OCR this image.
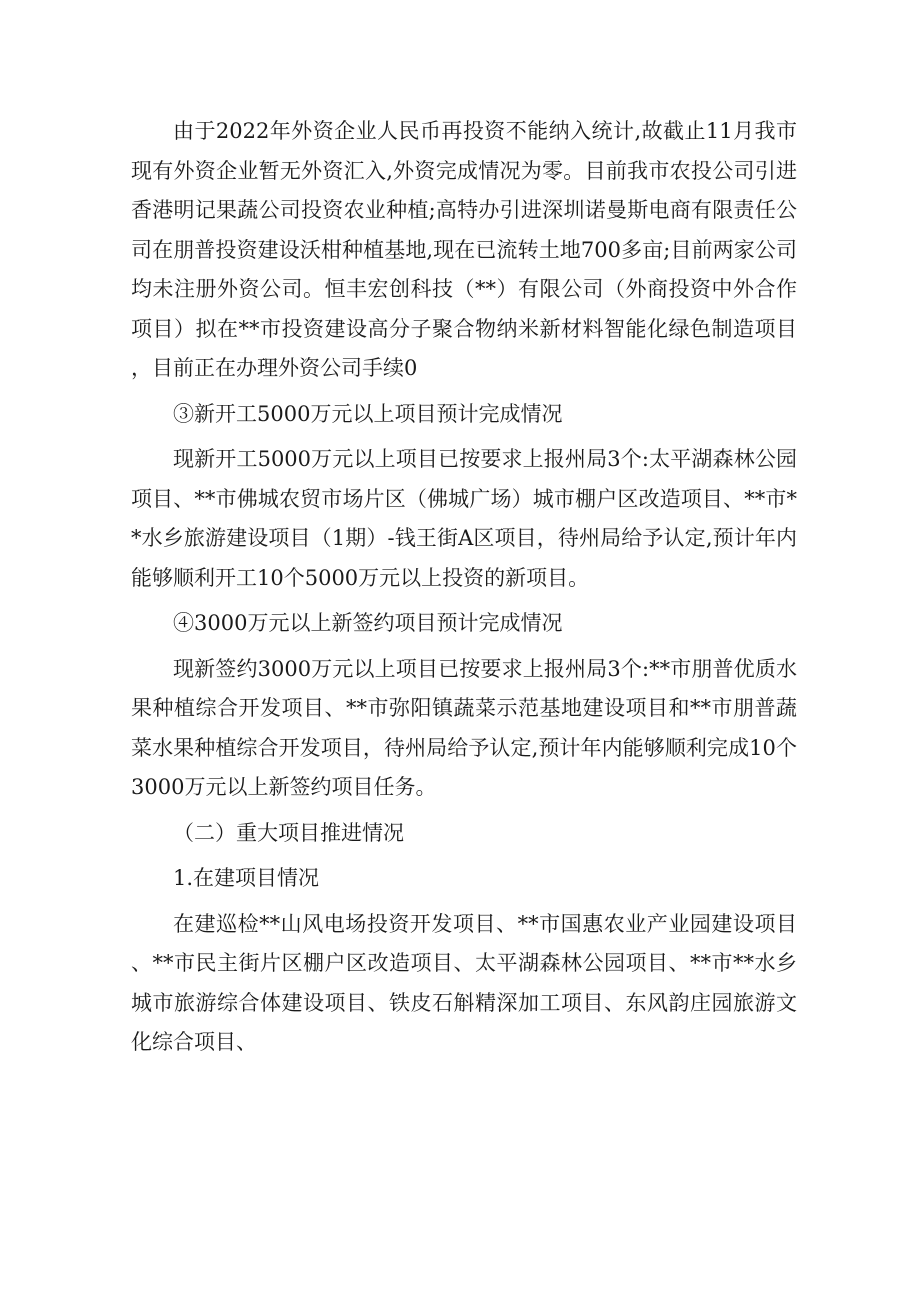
由于2022年外资企业人民币再投资不能纳入统计,故截止11月我市现有外资企业暂无外资汇入,外资完成情况为零。目前我市农投公司引进香港明记果蔬公司投资农业种植;高特办引进深圳诺曼斯电商有限责任公司在朋普投资建设沃柑种植基地,现在已流转土地700多亩;目前两家公司均未注册外资公司。恒丰宏创科技（**）有限公司（外商投资中外合作项目）拟在**市投资建设高分子聚合物纳米新材料智能化绿色制造项目，目前正在办理外资公司手续0

③新开工5000万元以上项目预计完成情况

现新开工5000万元以上项目已按要求上报州局3个:太平湖森林公园项目、**市佛城农贸市场片区（佛城广场）城市棚户区改造项目、**市**水乡旅游建设项目（1期）-钱王街A区项目，待州局给予认定,预计年内能够顺利开工10个5000万元以上投资的新项目。

④3000万元以上新签约项目预计完成情况

现新签约3000万元以上项目已按要求上报州局3个:**市朋普优质水果种植综合开发项目、**市弥阳镇蔬菜示范基地建设项目和**市朋普蔬菜水果种植综合开发项目，待州局给予认定,预计年内能够顺利完成10个3000万元以上新签约项目任务。

（二）重大项目推进情况

1.在建项目情况

在建巡检**山风电场投资开发项目、**市国惠农业产业园建设项目、**市民主街片区棚户区改造项目、太平湖森林公园项目、**市**水乡城市旅游综合体建设项目、铁皮石斛精深加工项目、东风韵庄园旅游文化综合项目、
